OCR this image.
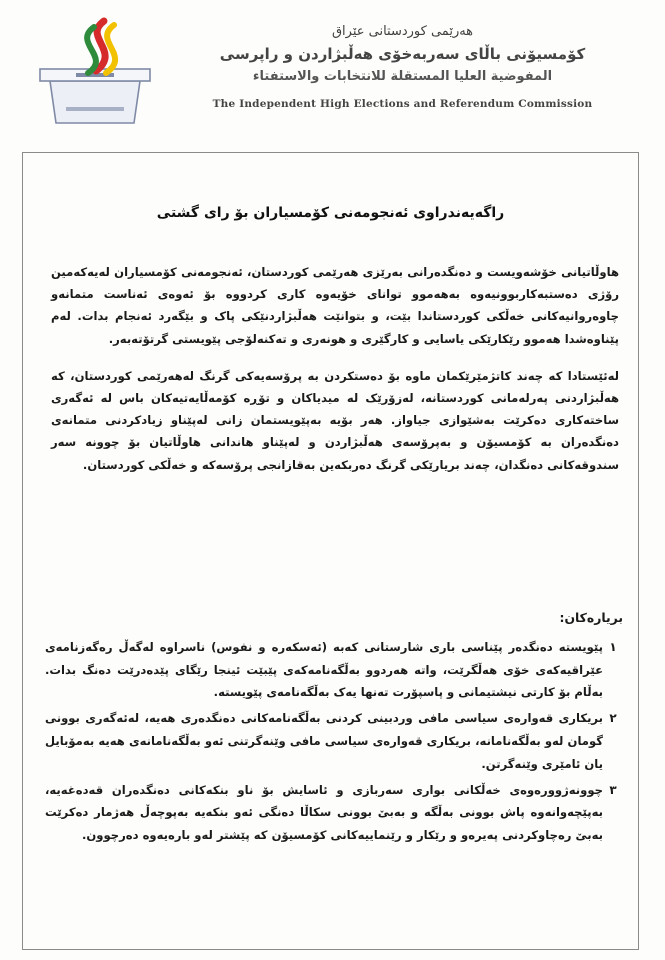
هەرێمی کوردستانی عێراق
کۆمسیۆنی باڵای سەربەخۆی هەڵبژاردن و راپرسی
المفوضية العليا المستقلة للانتخابات والاستفتاء
The Independent High Elections and Referendum Commission
راگەیەندراوی ئەنجومەنی کۆمسیاران بۆ رای گشتی

هاوڵاتیانی خۆشەویست و دەنگدەرانی بەرێزی هەرێمی کوردستان، ئەنجومەنی کۆمسیاران لەیەکەمین رۆژی دەستبەکاربوونیەوە بەهەموو توانای خۆیەوە کاری کردووە بۆ ئەوەی ئەناست متمانەو چاوەروانیەکانی خەڵکی کوردستاندا بێت، و بتوانێت هەڵبژاردنێکی پاک و بێگەرد ئەنجام بدات. لەم پێناوەشدا هەموو رێکارێکی یاسایی و کارگێری و هونەری و تەکنەلۆجی پێویستی گرتۆتەبەر.

لەئێستادا کە چەند کاتژمێرێکمان ماوە بۆ دەستکردن بە پرۆسەیەکی گرنگ لەهەرێمی کوردستان، کە هەڵبژاردنی پەرلەمانی کوردستانە، لەزۆرێک لە میدیاکان و تۆڕە کۆمەڵایەتیەکان باس لە ئەگەری ساختەکاری دەکرێت بەشێوازی جیاواز. هەر بۆیە بەپێویستمان زانی لەپێناو زیادکردنی متمانەی دەنگدەران بە کۆمسیۆن و بەپرۆسەی هەڵبژاردن و لەپێناو هاندانی هاوڵاتیان بۆ چوونە سەر سندوقەکانی دەنگدان، چەند بریارێکی گرنگ دەربکەین بەقازانجی پرۆسەکە و خەڵکی کوردستان.

بریارەکان:
١
پێویستە دەنگدەر پێناسی باری شارستانی کەبە (ئەسکەرە و نفوس) ناسراوە لەگەڵ رەگەزنامەی عێراقیەکەی خۆی هەڵگرێت، واتە هەردوو بەڵگەنامەکەی پێبێت ئینجا رێگای پێدەدرێت دەنگ بدات. بەڵام بۆ کارتی نیشتیمانی و پاسپۆرت تەنها یەک بەڵگەنامەی پێویستە.
٢
بریکاری قەوارەی سیاسی مافی وردبینی کردنی بەڵگەنامەکانی دەنگدەری هەیە، لەئەگەری بوونی گومان لەو بەڵگەنامانە، بریکاری قەوارەی سیاسی مافی وێنەگرتنی ئەو بەڵگەنامانەی هەیە بەمۆبایل یان ئامێری وێنەگرتن.
٣
چوونەژوورەوەی خەڵکانی بواری سەربازی و ئاسایش بۆ ناو بنکەکانی دەنگدەران قەدەغەیە، بەپێچەوانەوە پاش بوونی بەڵگە و بەبێ بوونی سکاڵا دەنگی ئەو بنکەیە بەپوچەڵ هەژمار دەکرێت بەبێ رەچاوکردنی پەیرەو و رێکار و رێنماییەکانی کۆمسیۆن کە پێشتر لەو بارەیەوە دەرچوون.
